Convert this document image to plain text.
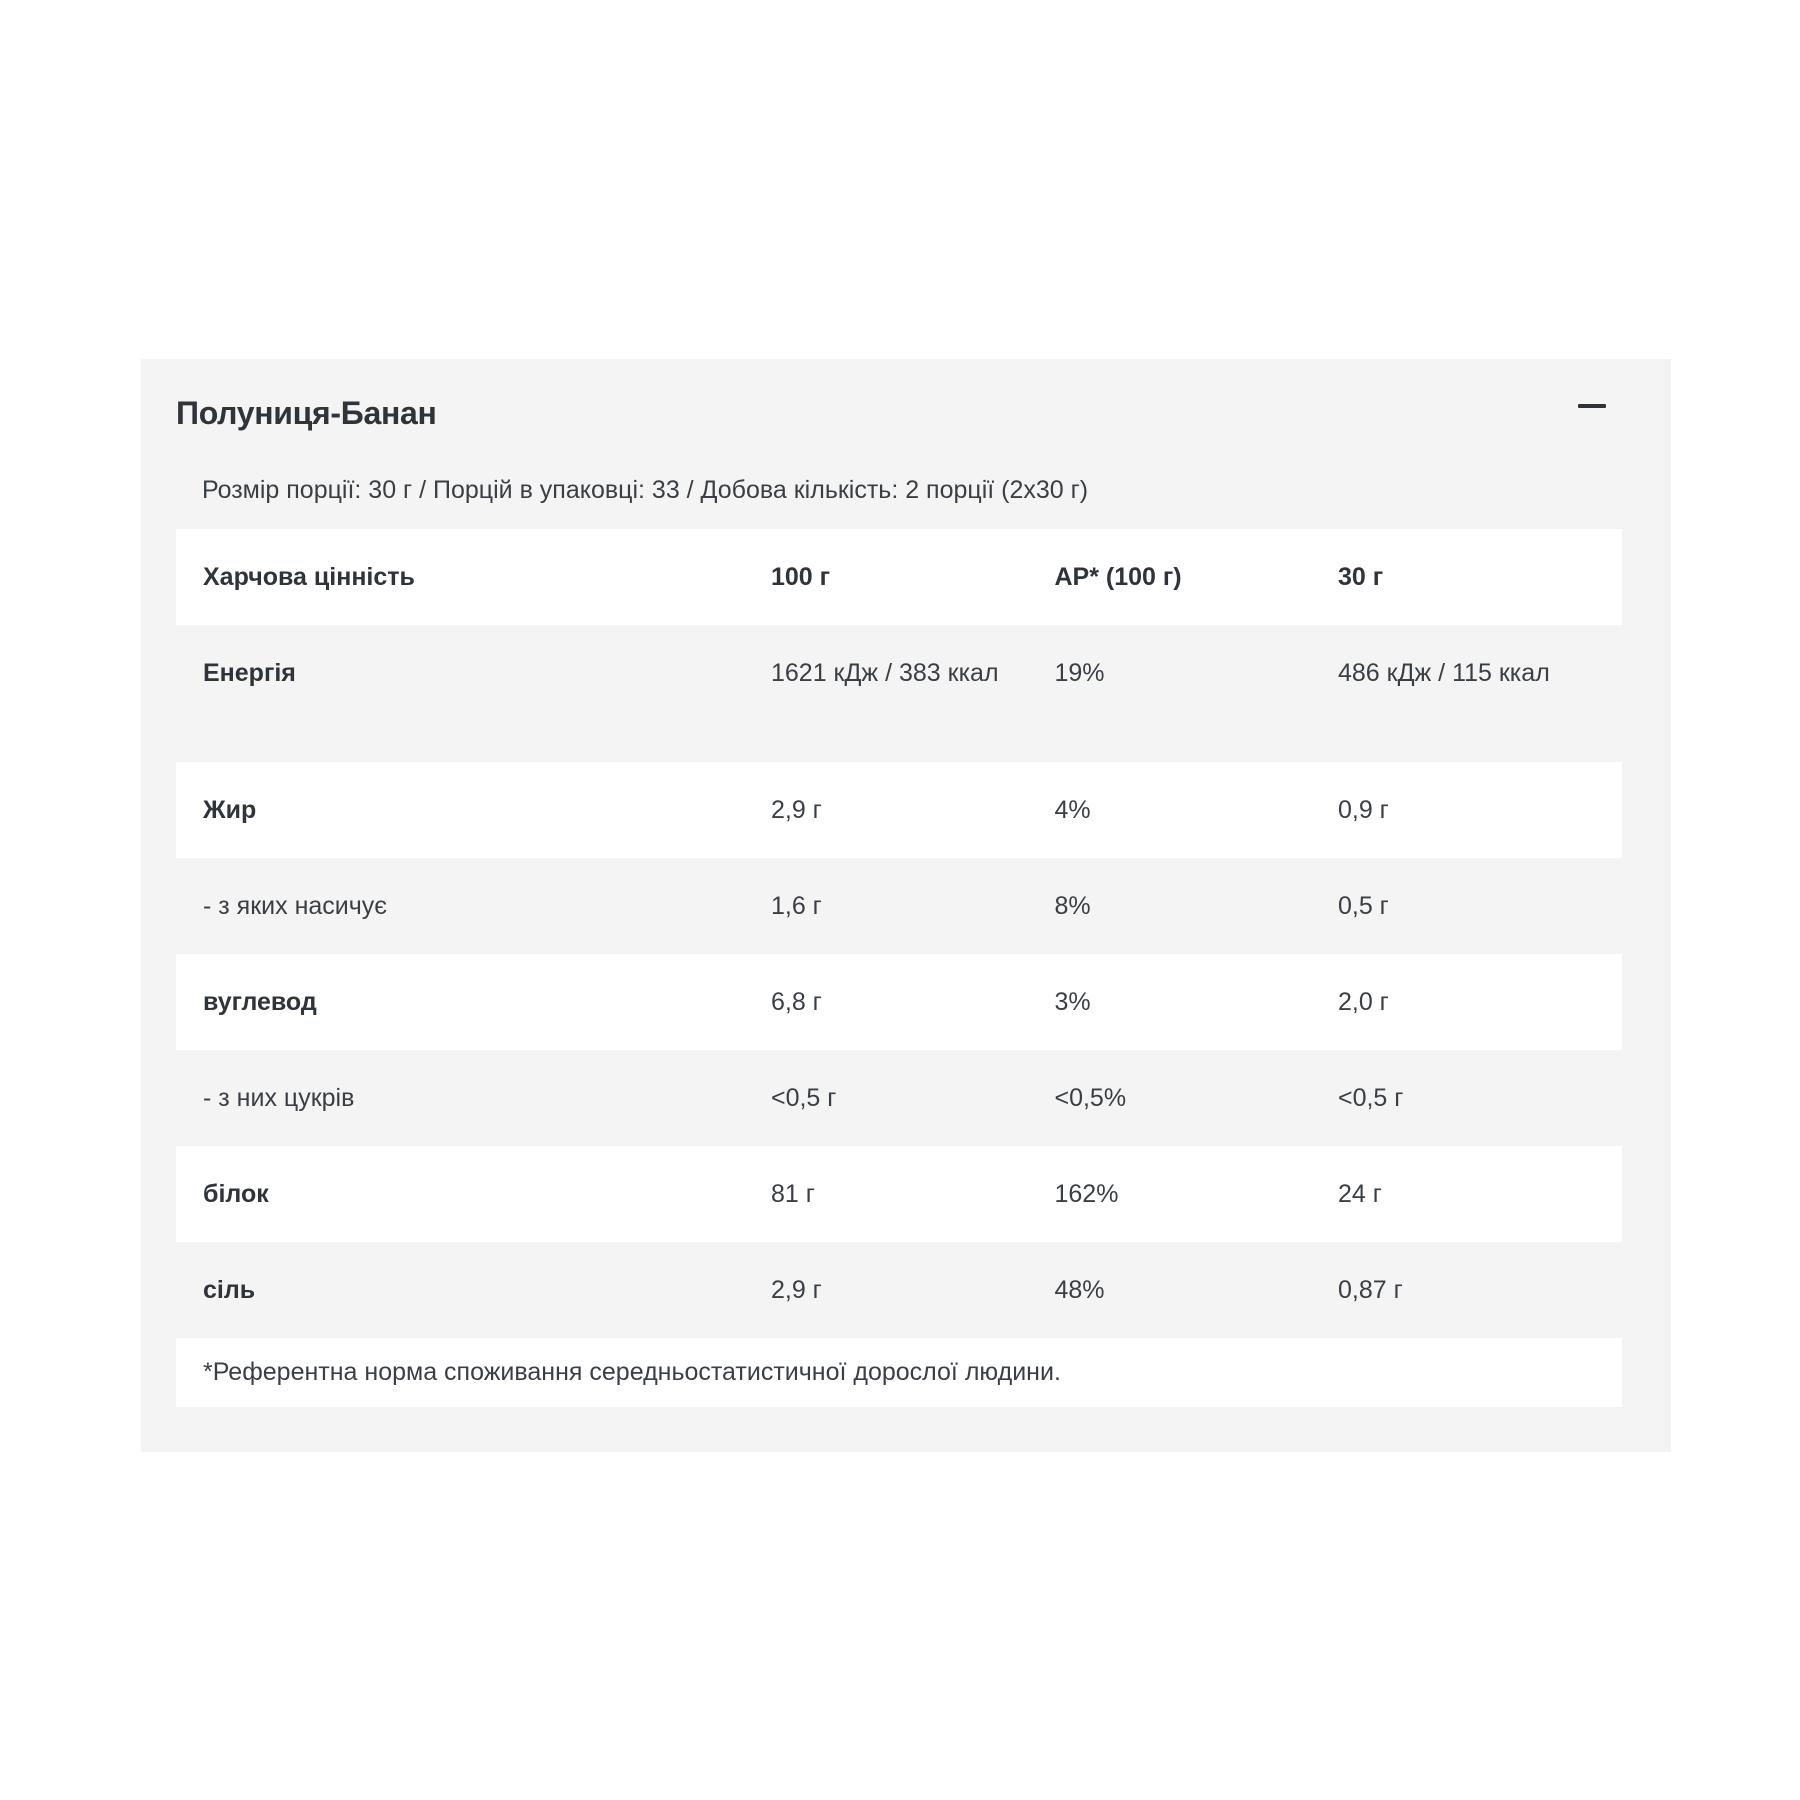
Полуниця-Банан
Розмір порції: 30 г / Порцій в упаковці: 33 / Добова кількість: 2 порції (2x30 г)
Харчова цінність	100 г	AP* (100 г)	30 г
Енергія	1621 кДж / 383 ккал	19%	486 кДж / 115 ккал
Жир	2,9 г	4%	0,9 г
- з яких насичує	1,6 г	8%	0,5 г
вуглевод	6,8 г	3%	2,0 г
- з них цукрів	<0,5 г	<0,5%	<0,5 г
білок	81 г	162%	24 г
сіль	2,9 г	48%	0,87 г
*Референтна норма споживання середньостатистичної дорослої людини.
